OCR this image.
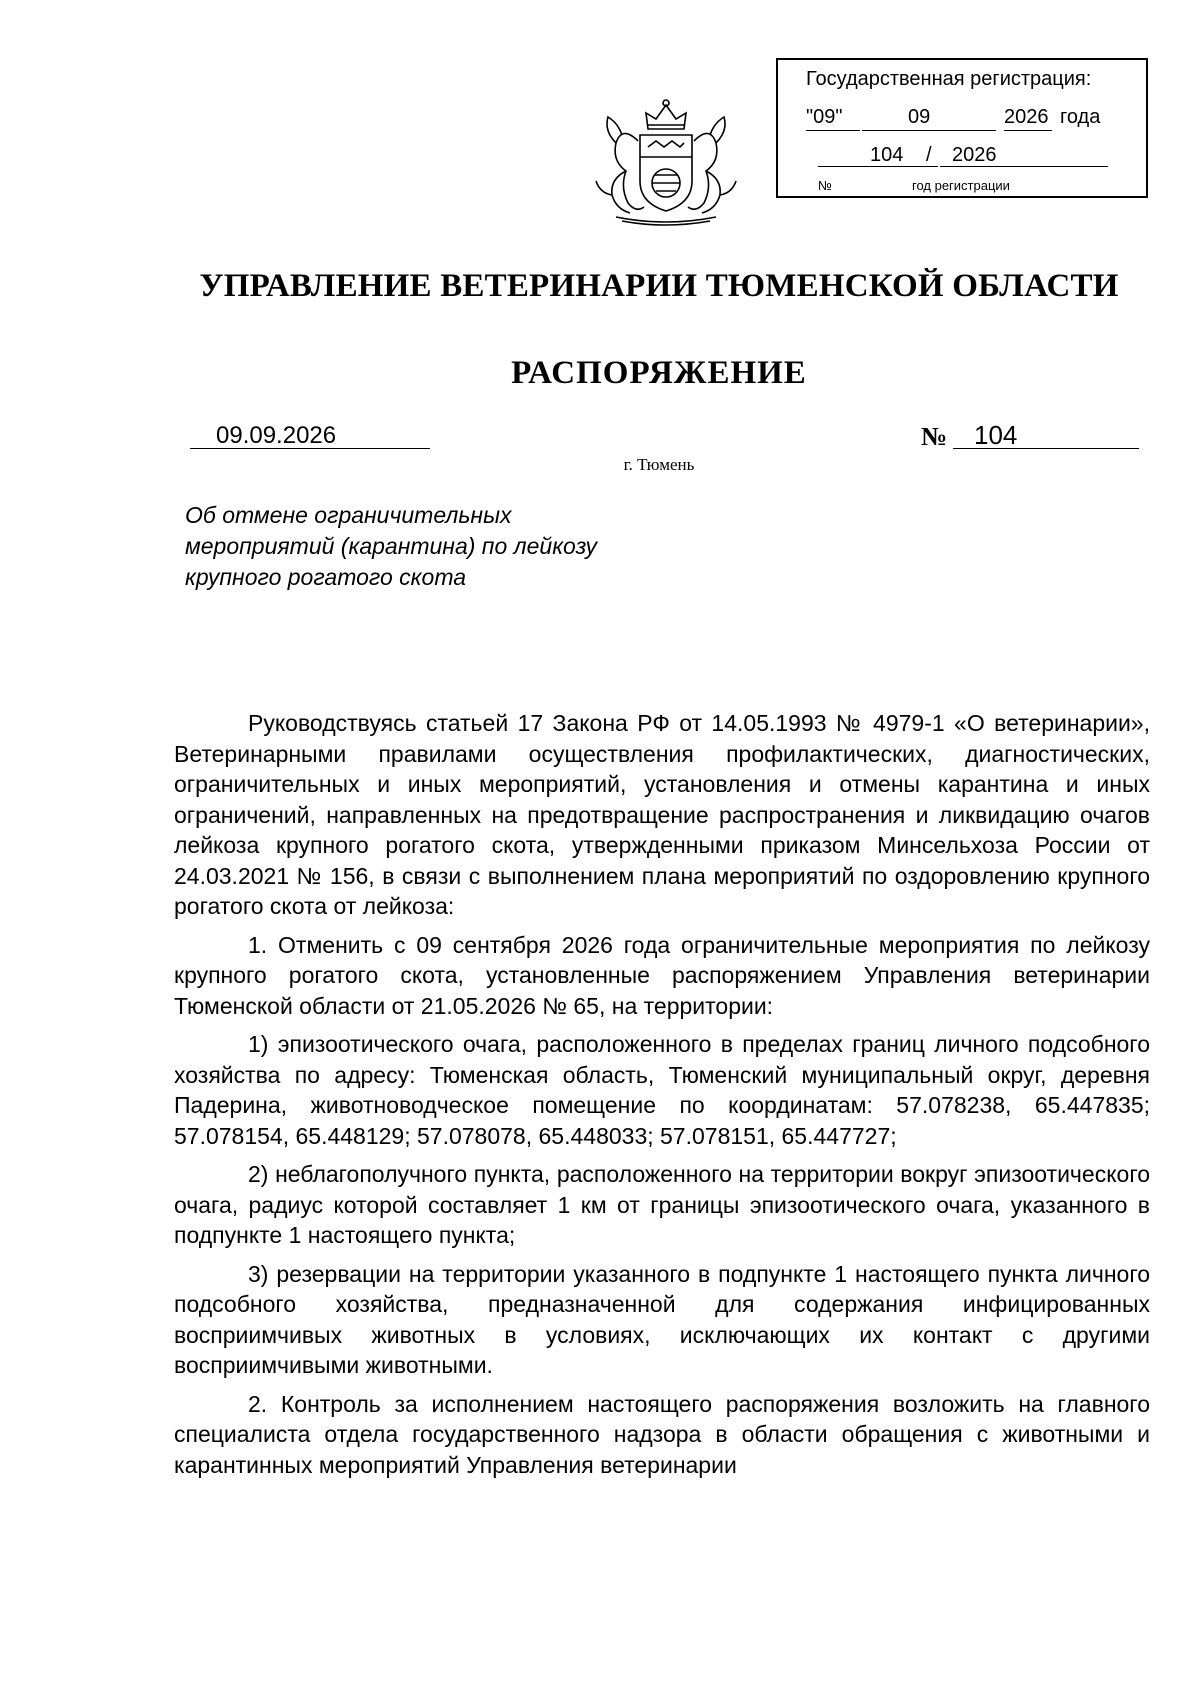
Государственная регистрация:
"09"	09	2026 года
104 / 2026
№	год регистрации
УПРАВЛЕНИЕ ВЕТЕРИНАРИИ ТЮМЕНСКОЙ ОБЛАСТИ
РАСПОРЯЖЕНИЕ
09.09.2026	№ 104
г. Тюмень
Об отмене ограничительных мероприятий (карантина) по лейкозу крупного рогатого скота

Руководствуясь статьей 17 Закона РФ от 14.05.1993 № 4979-1 «О ветеринарии», Ветеринарными правилами осуществления профилактических, диагностических, ограничительных и иных мероприятий, установления и отмены карантина и иных ограничений, направленных на предотвращение распространения и ликвидацию очагов лейкоза крупного рогатого скота, утвержденными приказом Минсельхоза России от 24.03.2021 № 156, в связи с выполнением плана мероприятий по оздоровлению крупного рогатого скота от лейкоза:

1. Отменить с 09 сентября 2026 года ограничительные мероприятия по лейкозу крупного рогатого скота, установленные распоряжением Управления ветеринарии Тюменской области от 21.05.2026 № 65, на территории:

1) эпизоотического очага, расположенного в пределах границ личного подсобного хозяйства по адресу: Тюменская область, Тюменский муниципальный округ, деревня Падерина, животноводческое помещение по координатам: 57.078238, 65.447835; 57.078154, 65.448129; 57.078078, 65.448033; 57.078151, 65.447727;

2) неблагополучного пункта, расположенного на территории вокруг эпизоотического очага, радиус которой составляет 1 км от границы эпизоотического очага, указанного в подпункте 1 настоящего пункта;

3) резервации на территории указанного в подпункте 1 настоящего пункта личного подсобного хозяйства, предназначенной для содержания инфицированных восприимчивых животных в условиях, исключающих их контакт с другими восприимчивыми животными.

2. Контроль за исполнением настоящего распоряжения возложить на главного специалиста отдела государственного надзора в области обращения с животными и карантинных мероприятий Управления ветеринарии
